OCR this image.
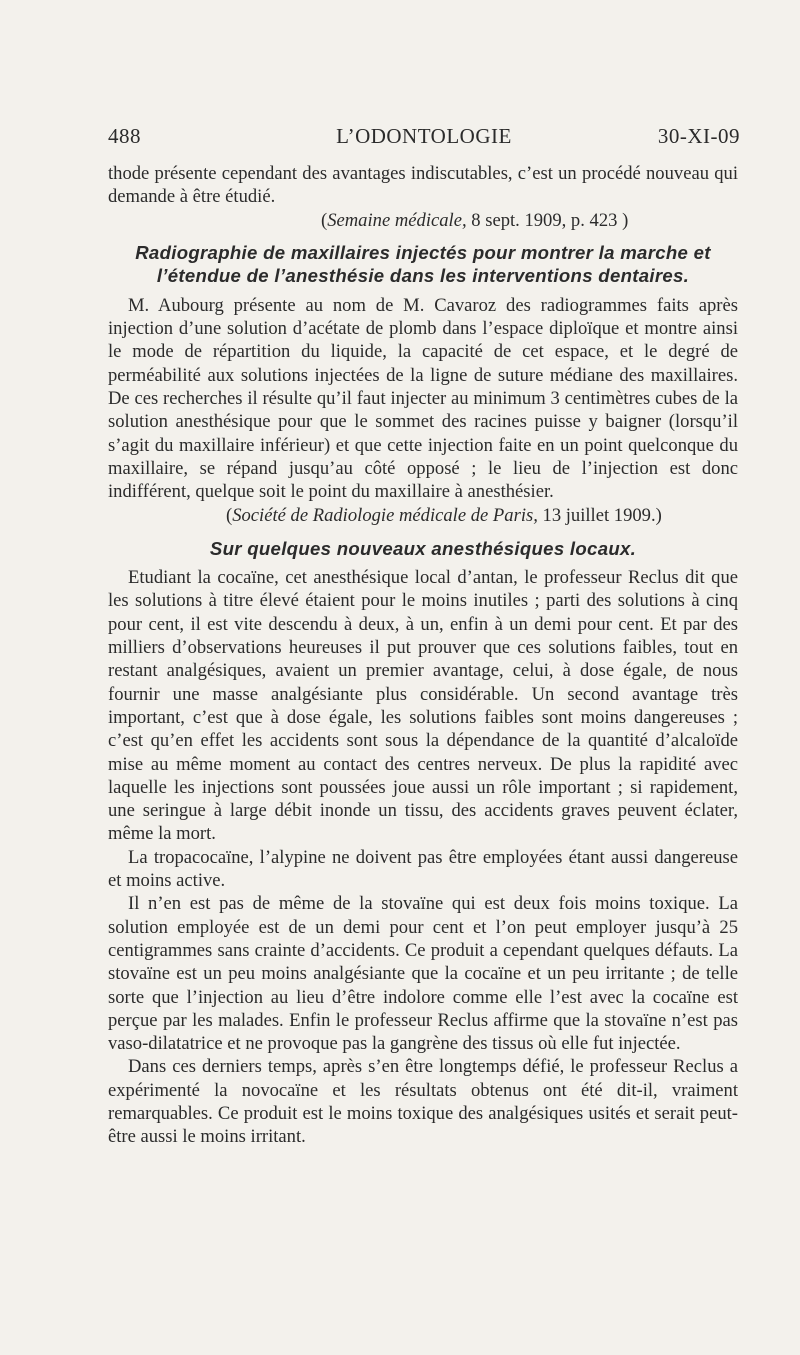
488	L’ODONTOLOGIE	30-XI-09

thode présente cependant des avantages indiscutables, c’est un procédé nouveau qui demande à être étudié.

(Semaine médicale, 8 sept. 1909, p. 423 )

Radiographie de maxillaires injectés pour montrer la marche et l’étendue de l’anesthésie dans les interventions dentaires.

M. Aubourg présente au nom de M. Cavaroz des radiogrammes faits après injection d’une solution d’acétate de plomb dans l’espace diploïque et montre ainsi le mode de répartition du liquide, la capacité de cet espace, et le degré de perméabilité aux solutions injectées de la ligne de suture médiane des maxillaires. De ces recherches il résulte qu’il faut injecter au minimum 3 centimètres cubes de la solution anesthésique pour que le sommet des racines puisse y baigner (lorsqu’il s’agit du maxillaire inférieur) et que cette injection faite en un point quelconque du maxillaire, se répand jusqu’au côté opposé ; le lieu de l’injection est donc indifférent, quelque soit le point du maxillaire à anesthésier.

(Société de Radiologie médicale de Paris, 13 juillet 1909.)

Sur quelques nouveaux anesthésiques locaux.

Etudiant la cocaïne, cet anesthésique local d’antan, le professeur Reclus dit que les solutions à titre élevé étaient pour le moins inutiles ; parti des solutions à cinq pour cent, il est vite descendu à deux, à un, enfin à un demi pour cent. Et par des milliers d’observations heureuses il put prouver que ces solutions faibles, tout en restant analgésiques, avaient un premier avantage, celui, à dose égale, de nous fournir une masse analgésiante plus considérable. Un second avantage très important, c’est que à dose égale, les solutions faibles sont moins dangereuses ; c’est qu’en effet les accidents sont sous la dépendance de la quantité d’alcaloïde mise au même moment au contact des centres nerveux. De plus la rapidité avec laquelle les injections sont poussées joue aussi un rôle important ; si rapidement, une seringue à large débit inonde un tissu, des accidents graves peuvent éclater, même la mort.

La tropacocaïne, l’alypine ne doivent pas être employées étant aussi dangereuse et moins active.

Il n’en est pas de même de la stovaïne qui est deux fois moins toxique. La solution employée est de un demi pour cent et l’on peut employer jusqu’à 25 centigrammes sans crainte d’accidents. Ce produit a cependant quelques défauts. La stovaïne est un peu moins analgésiante que la cocaïne et un peu irritante ; de telle sorte que l’injection au lieu d’être indolore comme elle l’est avec la cocaïne est perçue par les malades. Enfin le professeur Reclus affirme que la stovaïne n’est pas vaso-dilatatrice et ne provoque pas la gangrène des tissus où elle fut injectée.

Dans ces derniers temps, après s’en être longtemps défié, le professeur Reclus a expérimenté la novocaïne et les résultats obtenus ont été dit-il, vraiment remarquables. Ce produit est le moins toxique des analgésiques usités et serait peut-être aussi le moins irritant.
